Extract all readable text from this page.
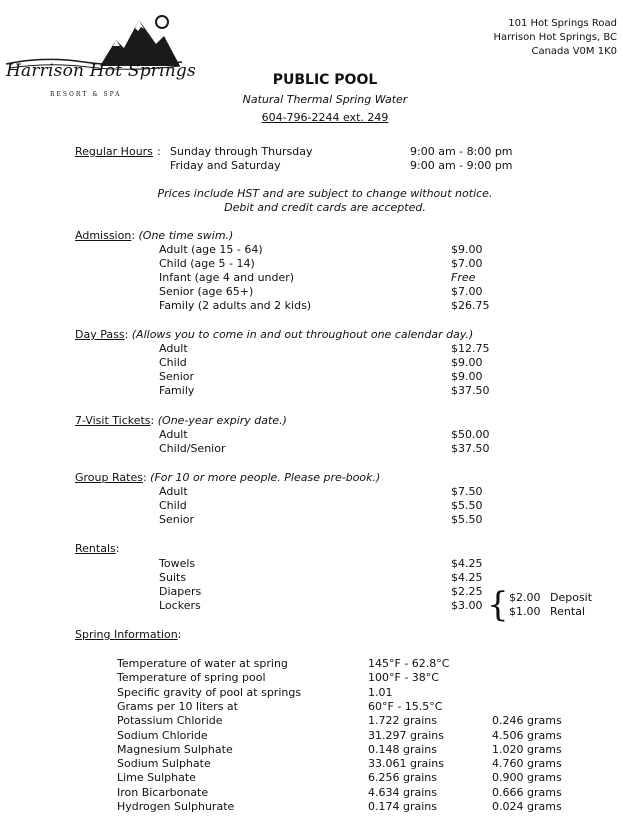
Harrison Hot Springs
RESORT & SPA
101 Hot Springs Road
Harrison Hot Springs, BC
Canada V0M 1K0
PUBLIC POOL
Natural Thermal Spring Water
604-796-2244 ext. 249
Regular Hours : Sunday through Thursday	9:00 am - 8:00 pm
Friday and Saturday	9:00 am - 9:00 pm
Prices include HST and are subject to change without notice.
Debit and credit cards are accepted.
Admission: (One time swim.)
Adult (age 15 - 64)	$9.00
Child (age 5 - 14)	$7.00
Infant (age 4 and under)	Free
Senior (age 65+)	$7.00
Family (2 adults and 2 kids)	$26.75
Day Pass: (Allows you to come in and out throughout one calendar day.)
Adult	$12.75
Child	$9.00
Senior	$9.00
Family	$37.50
7-Visit Tickets: (One-year expiry date.)
Adult	$50.00
Child/Senior	$37.50
Group Rates: (For 10 or more people. Please pre-book.)
Adult	$7.50
Child	$5.50
Senior	$5.50
Rentals:
Towels	$4.25
Suits	$4.25
Diapers	$2.25
Lockers	$3.00 { $2.00 Deposit
$1.00 Rental
Spring Information:
Temperature of water at spring	145°F - 62.8°C
Temperature of spring pool	100°F - 38°C
Specific gravity of pool at springs	1.01
Grams per 10 liters at	60°F - 15.5°C
Potassium Chloride	1.722 grains	0.246 grams
Sodium Chloride	31.297 grains	4.506 grams
Magnesium Sulphate	0.148 grains	1.020 grams
Sodium Sulphate	33.061 grains	4.760 grams
Lime Sulphate	6.256 grains	0.900 grams
Iron Bicarbonate	4.634 grains	0.666 grams
Hydrogen Sulphurate	0.174 grains	0.024 grams
